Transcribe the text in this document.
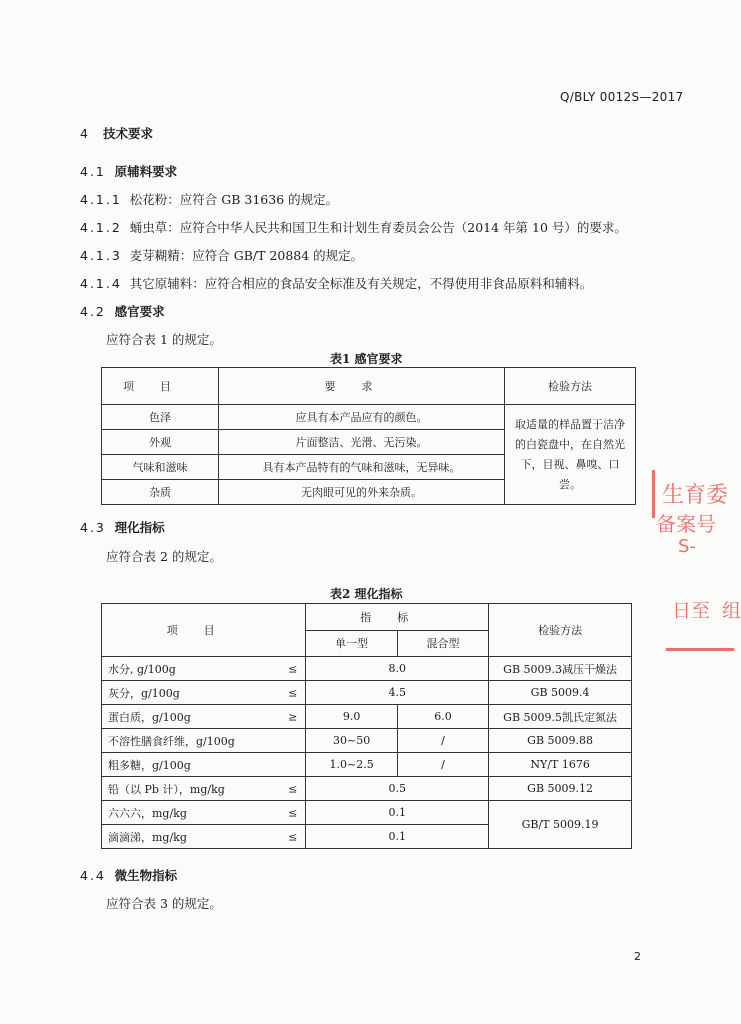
Q/BLY 0012S—2017
4 技术要求
4.1 原辅料要求
4.1.1 松花粉：应符合 GB 31636 的规定。
4.1.2 蛹虫草：应符合中华人民共和国卫生和计划生育委员会公告（2014 年第 10 号）的要求。
4.1.3 麦芽糊精：应符合 GB/T 20884 的规定。
4.1.4 其它原辅料：应符合相应的食品安全标准及有关规定，不得使用非食品原料和辅料。
4.2 感官要求
应符合表 1 的规定。
表1 感官要求
项目	要求	检验方法
色泽	应具有本产品应有的颜色。	取适量的样品置于洁净的白瓷盘中，在自然光下，目视、鼻嗅、口尝。
外观	片面整洁、光滑、无污染。	
气味和滋味	具有本产品特有的气味和滋味，无异味。	
杂质	无肉眼可见的外来杂质。	
4.3 理化指标
应符合表 2 的规定。
表2 理化指标
项目	指标		检验方法
	单一型	混合型	
水分, g/100g ≤	8.0		GB 5009.3减压干燥法
灰分，g/100g ≤	4.5		GB 5009.4
蛋白质，g/100g ≥	9.0	6.0	GB 5009.5凯氏定氮法
不溶性膳食纤维，g/100g	30~50	/	GB 5009.88
粗多糖，g/100g	1.0~2.5	/	NY/T 1676
铅（以 Pb 计），mg/kg ≤	0.5		GB 5009.12
六六六，mg/kg ≤	0.1		GB/T 5009.19
滴滴涕，mg/kg ≤	0.1		
4.4 微生物指标
应符合表 3 的规定。
2
生育委
备案号
S-
日至 组
